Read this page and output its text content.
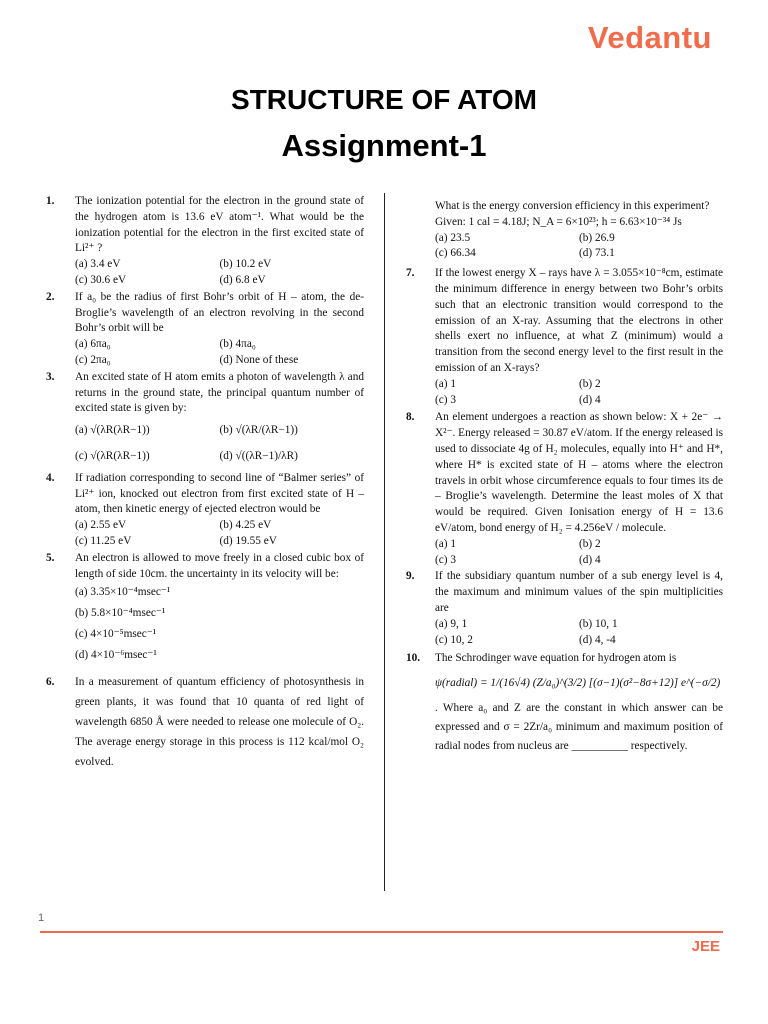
Vedantu
STRUCTURE OF ATOM
Assignment-1
1.	The ionization potential for the electron in the ground state of the hydrogen atom is 13.6 eV atom⁻¹. What would be the ionization potential for the electron in the first excited state of Li²⁺ ?

(a) 3.4 eV	(b) 10.2 eV
(c) 30.6 eV	(d) 6.8 eV
2.	If a₀ be the radius of first Bohr’s orbit of H – atom, the de-Broglie’s wavelength of an electron revolving in the second Bohr’s orbit will be

(a) 6πa₀	(b) 4πa₀
(c) 2πa₀	(d) None of these
3.	An excited state of H atom emits a photon of wavelength λ and returns in the ground state, the principal quantum number of excited state is given by:

(a) √(λR(λR−1))	(b) √(λR/(λR−1))
(c) √(λR(λR−1))	(d) √((λR−1)/λR)
4.	If radiation corresponding to second line of “Balmer series” of Li²⁺ ion, knocked out electron from first excited state of H – atom, then kinetic energy of ejected electron would be

(a) 2.55 eV	(b) 4.25 eV
(c) 11.25 eV	(d) 19.55 eV
5.	An electron is allowed to move freely in a closed cubic box of length of side 10cm. the uncertainty in its velocity will be:

(a) 3.35×10⁻⁴msec⁻¹
(b) 5.8×10⁻⁴msec⁻¹
(c) 4×10⁻⁵msec⁻¹
(d) 4×10⁻⁶msec⁻¹
6.	In a measurement of quantum efficiency of photosynthesis in green plants, it was found that 10 quanta of red light of wavelength 6850 Å were needed to release one molecule of O₂. The average energy storage in this process is 112 kcal/mol O₂ evolved.

What is the energy conversion efficiency in this experiment?

Given: 1 cal = 4.18J; N_A = 6×10²³; h = 6.63×10⁻³⁴ Js

(a) 23.5	(b) 26.9
(c) 66.34	(d) 73.1
7.	If the lowest energy X – rays have λ = 3.055×10⁻⁸cm, estimate the minimum difference in energy between two Bohr’s orbits such that an electronic transition would correspond to the emission of an X-ray. Assuming that the electrons in other shells exert no influence, at what Z (minimum) would a transition from the second energy level to the first result in the emission of an X-rays?

(a) 1	(b) 2
(c) 3	(d) 4
8.	An element undergoes a reaction as shown below: X + 2e⁻ → X²⁻. Energy released = 30.87 eV/atom. If the energy released is used to dissociate 4g of H₂ molecules, equally into H⁺ and H*, where H* is excited state of H – atoms where the electron travels in orbit whose circumference equals to four times its de – Broglie’s wavelength. Determine the least moles of X that would be required. Given Ionisation energy of H = 13.6 eV/atom, bond energy of H₂ = 4.256eV / molecule.

(a) 1	(b) 2
(c) 3	(d) 4
9.	If the subsidiary quantum number of a sub energy level is 4, the maximum and minimum values of the spin multiplicities are

(a) 9, 1	(b) 10, 1
(c) 10, 2	(d) 4, -4
10.	The Schrodinger wave equation for hydrogen atom is

ψ(radial) = 1/(16√4) (Z/a₀)^(3/2) [(σ−1)(σ²−8σ+12)] e^(−σ/2)

. Where a₀ and Z are the constant in which answer can be expressed and σ = 2Zr/a₀ minimum and maximum position of radial nodes from nucleus are __________ respectively.

1
JEE
